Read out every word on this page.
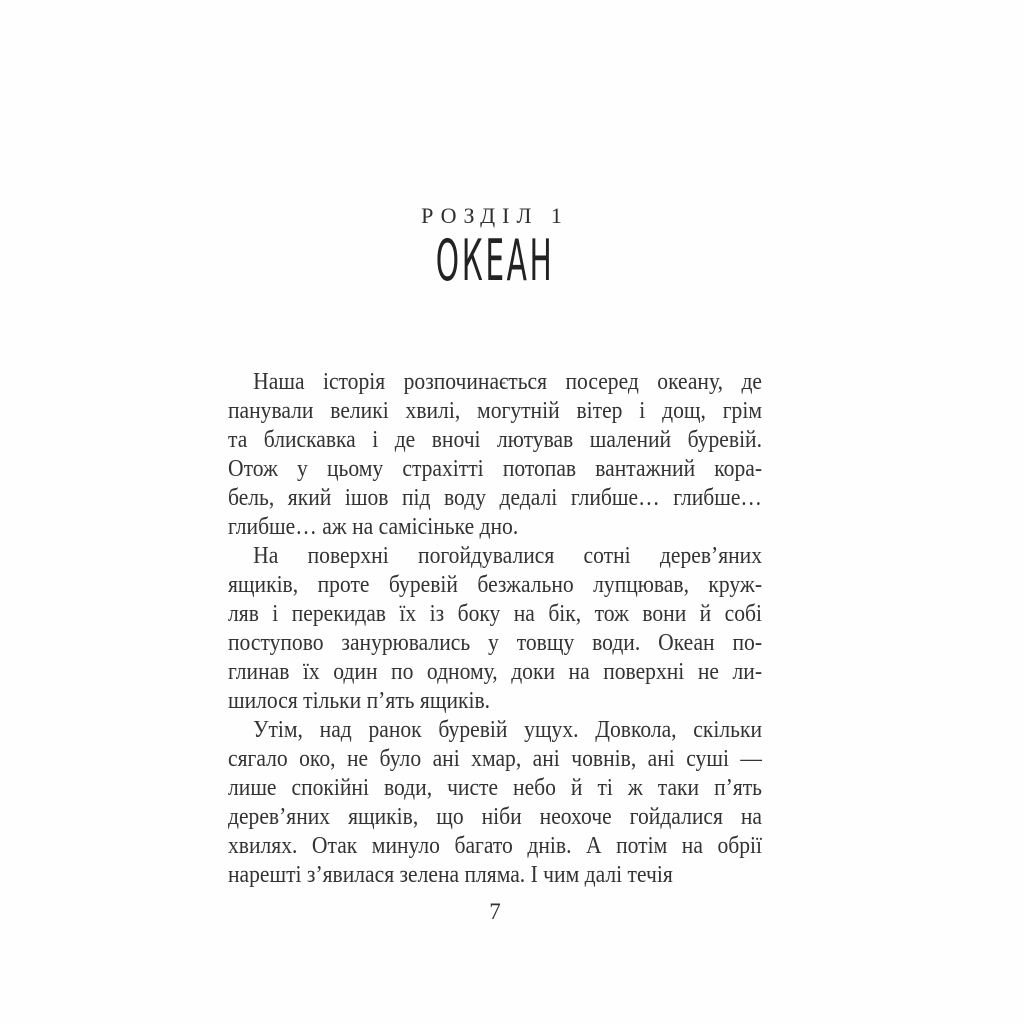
РОЗДІЛ 1
ОКЕАН
Наша історія розпочинається посеред океану, де
панували великі хвилі, могутній вітер і дощ, грім
та блискавка і де вночі лютував шалений буревій.
Отож у цьому страхітті потопав вантажний кора-
бель, який ішов під воду дедалі глибше… глибше…
глибше… аж на самісіньке дно.
На поверхні погойдувалися сотні дерев’яних
ящиків, проте буревій безжально лупцював, круж-
ляв і перекидав їх із боку на бік, тож вони й собі
поступово занурювались у товщу води. Океан по-
глинав їх один по одному, доки на поверхні не ли-
шилося тільки п’ять ящиків.
Утім, над ранок буревій ущух. Довкола, скільки
сягало око, не було ані хмар, ані човнів, ані суші —
лише спокійні води, чисте небо й ті ж таки п’ять
дерев’яних ящиків, що ніби неохоче гойдалися на
хвилях. Отак минуло багато днів. А потім на обрії
нарешті з’явилася зелена пляма. І чим далі течія
7
